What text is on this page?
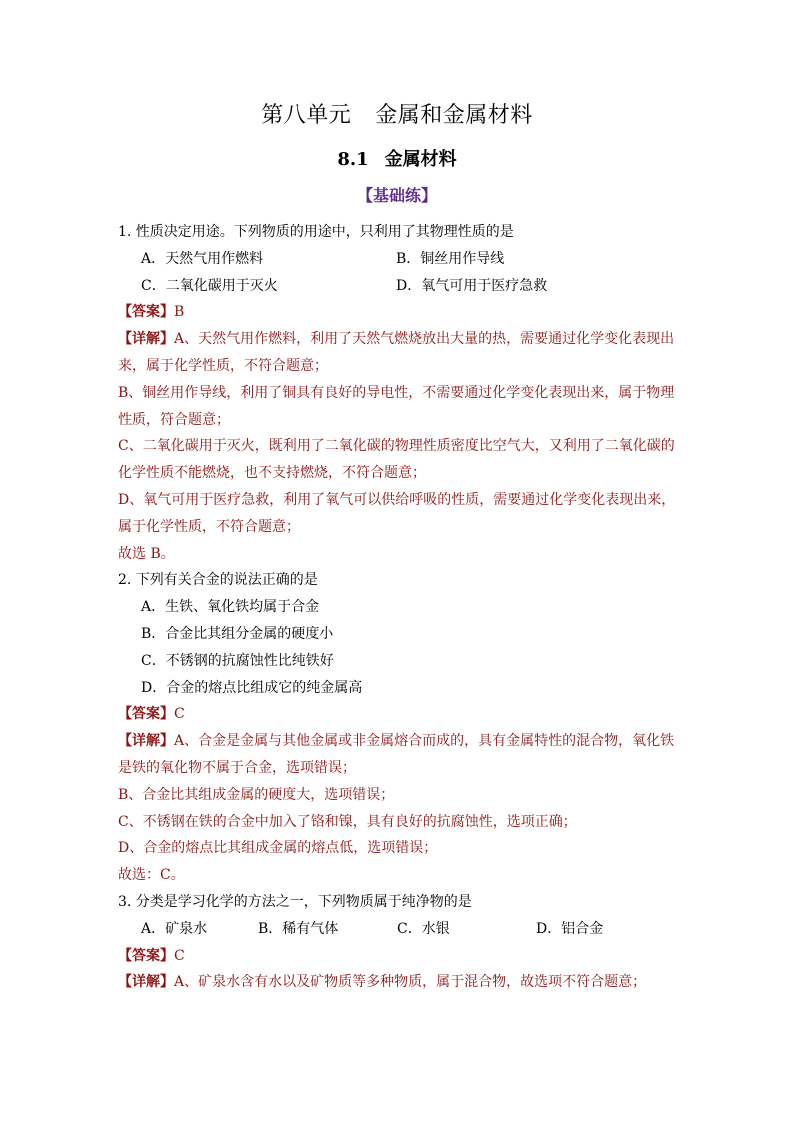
第八单元 金属和金属材料
8.1 金属材料
【基础练】
1. 性质决定用途。下列物质的用途中，只利用了其物理性质的是
A．天然气用作燃料	B．铜丝用作导线
C．二氧化碳用于灭火	D．氧气可用于医疗急救
【答案】B
【详解】A、天然气用作燃料，利用了天然气燃烧放出大量的热，需要通过化学变化表现出
来，属于化学性质，不符合题意；
B、铜丝用作导线，利用了铜具有良好的导电性，不需要通过化学变化表现出来，属于物理
性质，符合题意；
C、二氧化碳用于灭火，既利用了二氧化碳的物理性质密度比空气大，又利用了二氧化碳的
化学性质不能燃烧，也不支持燃烧，不符合题意；
D、氧气可用于医疗急救，利用了氧气可以供给呼吸的性质，需要通过化学变化表现出来，
属于化学性质，不符合题意；
故选 B。
2. 下列有关合金的说法正确的是
A．生铁、氧化铁均属于合金
B．合金比其组分金属的硬度小
C．不锈钢的抗腐蚀性比纯铁好
D．合金的熔点比组成它的纯金属高
【答案】C
【详解】A、合金是金属与其他金属或非金属熔合而成的，具有金属特性的混合物，氧化铁
是铁的氧化物不属于合金，选项错误；
B、合金比其组成金属的硬度大，选项错误；
C、不锈钢在铁的合金中加入了铬和镍，具有良好的抗腐蚀性，选项正确；
D、合金的熔点比其组成金属的熔点低，选项错误；
故选：C。
3. 分类是学习化学的方法之一，下列物质属于纯净物的是
A．矿泉水	B．稀有气体	C．水银	D．铝合金
【答案】C
【详解】A、矿泉水含有水以及矿物质等多种物质，属于混合物，故选项不符合题意；
